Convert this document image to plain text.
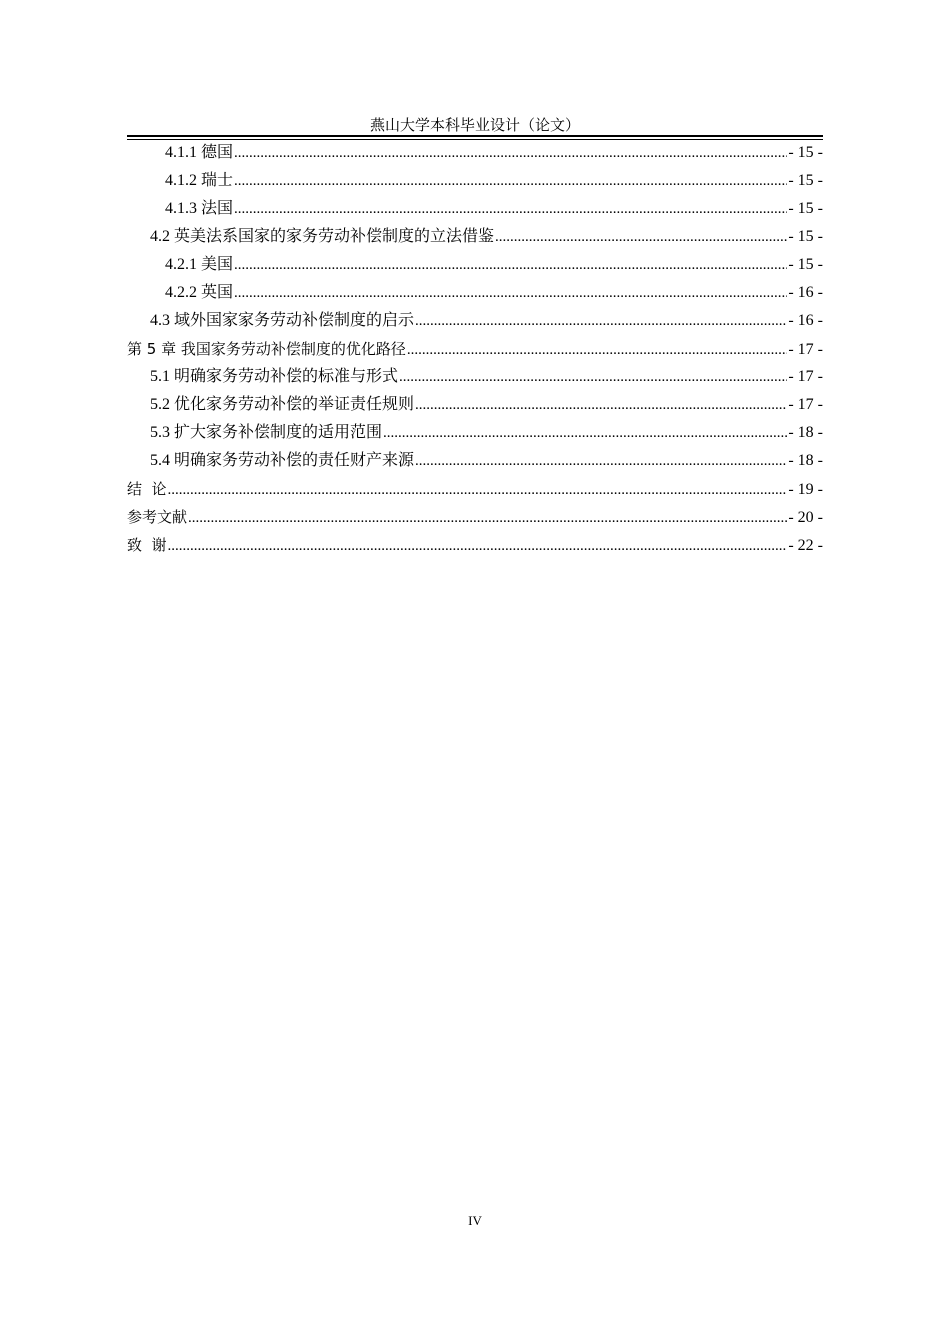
燕山大学本科毕业设计（论文）
4.1.1 德国 .....	- 15 -
4.1.2 瑞士 .....	- 15 -
4.1.3 法国 .....	- 15 -
4.2 英美法系国家的家务劳动补偿制度的立法借鉴 .....	- 15 -
4.2.1 美国 .....	- 15 -
4.2.2 英国 .....	- 16 -
4.3 域外国家家务劳动补偿制度的启示 .....	- 16 -
第 5 章 我国家务劳动补偿制度的优化路径 .....	- 17 -
5.1 明确家务劳动补偿的标准与形式 .....	- 17 -
5.2 优化家务劳动补偿的举证责任规则 .....	- 17 -
5.3 扩大家务补偿制度的适用范围 .....	- 18 -
5.4 明确家务劳动补偿的责任财产来源 .....	- 18 -
结  论 .....	- 19 -
参考文献 .....	- 20 -
致  谢 .....	- 22 -
IV
